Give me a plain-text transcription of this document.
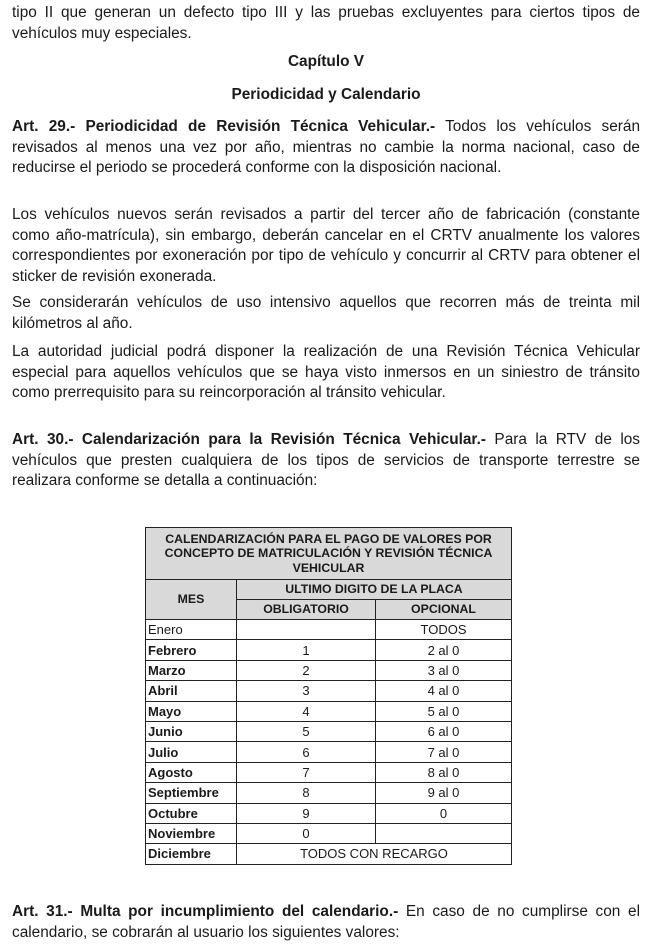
tipo II que generan un defecto tipo III y las pruebas excluyentes para ciertos tipos de vehículos muy especiales.

Capítulo V
Periodicidad y Calendario

Art. 29.- Periodicidad de Revisión Técnica Vehicular.- Todos los vehículos serán revisados al menos una vez por año, mientras no cambie la norma nacional, caso de reducirse el periodo se procederá conforme con la disposición nacional.

Los vehículos nuevos serán revisados a partir del tercer año de fabricación (constante como año-matrícula), sin embargo, deberán cancelar en el CRTV anualmente los valores correspondientes por exoneración por tipo de vehículo y concurrir al CRTV para obtener el sticker de revisión exonerada.

Se considerarán vehículos de uso intensivo aquellos que recorren más de treinta mil kilómetros al año.

La autoridad judicial podrá disponer la realización de una Revisión Técnica Vehicular especial para aquellos vehículos que se haya visto inmersos en un siniestro de tránsito como prerrequisito para su reincorporación al tránsito vehicular.

Art. 30.- Calendarización para la Revisión Técnica Vehicular.- Para la RTV de los vehículos que presten cualquiera de los tipos de servicios de transporte terrestre se realizara conforme se detalla a continuación:

Art. 31.- Multa por incumplimiento del calendario.- En caso de no cumplirse con el calendario, se cobrarán al usuario los siguientes valores:

CALENDARIZACIÓN PARA EL PAGO DE VALORES POR CONCEPTO DE MATRICULACIÓN Y REVISIÓN TÉCNICA VEHICULAR		
MES	ULTIMO DIGITO DE LA PLACA	
	OBLIGATORIO	OPCIONAL
Enero		TODOS
Febrero	1	2 al 0
Marzo	2	3 al 0
Abril	3	4 al 0
Mayo	4	5 al 0
Junio	5	6 al 0
Julio	6	7 al 0
Agosto	7	8 al 0
Septiembre	8	9 al 0
Octubre	9	0
Noviembre	0	
Diciembre	TODOS CON RECARGO	
